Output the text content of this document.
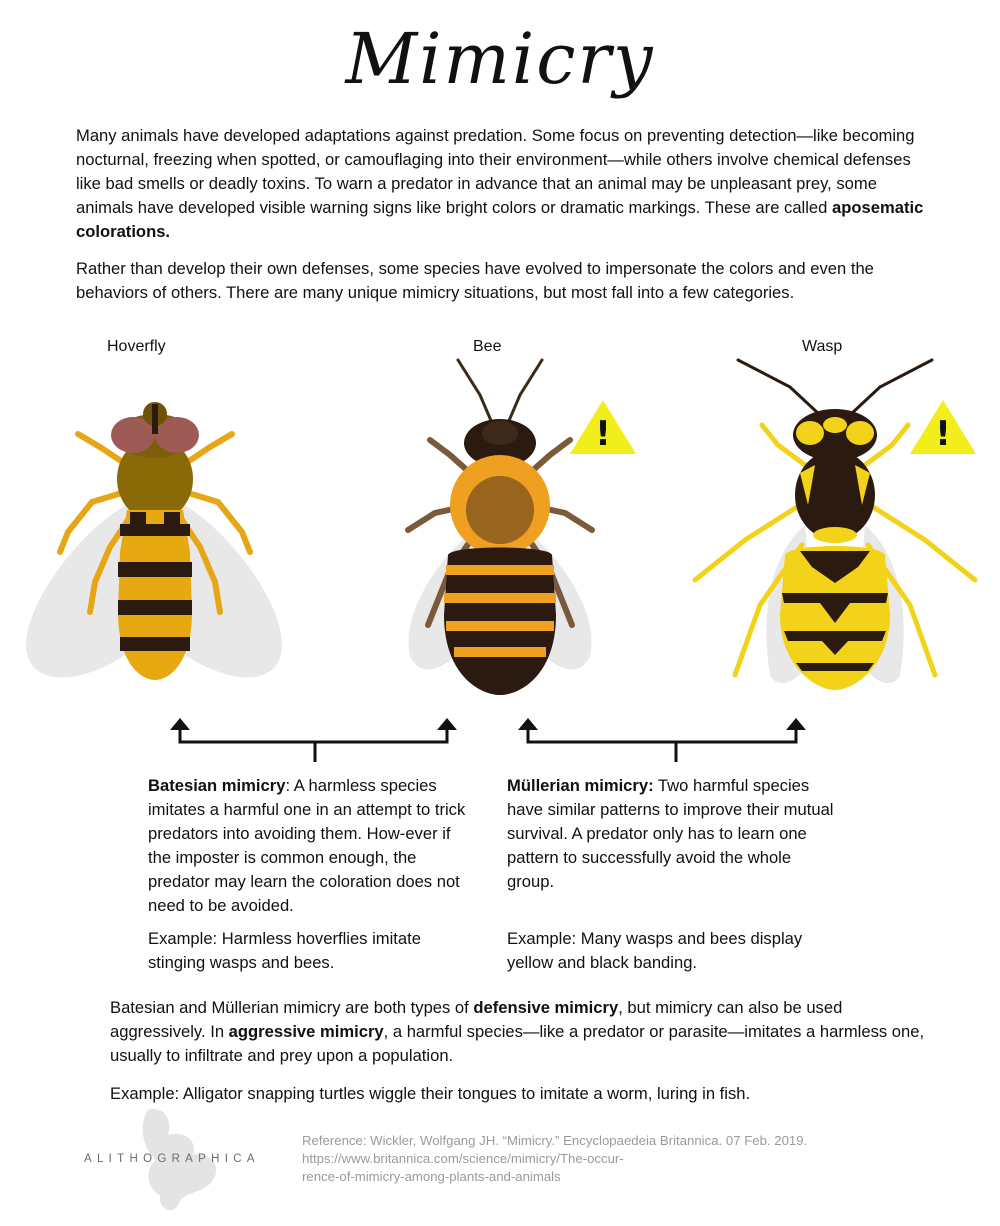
Mimicry
Many animals have developed adaptations against predation. Some focus on preventing detection—like becoming nocturnal, freezing when spotted, or camouflaging into their environment—while others involve chemical defenses like bad smells or deadly toxins. To warn a predator in advance that an animal may be unpleasant prey, some animals have developed visible warning signs like bright colors or dramatic markings. These are called aposematic colorations.
Rather than develop their own defenses, some species have evolved to impersonate the colors and even the behaviors of others. There are many unique mimicry situations, but most fall into a few categories.
Hoverfly	Bee	Wasp
!	!
Batesian mimicry: A harmless species imitates a harmful one in an attempt to trick predators into avoiding them. How-ever if the imposter is common enough, the predator may learn the coloration does not need to be avoided.
Example: Harmless hoverflies imitate stinging wasps and bees.
Müllerian mimicry: Two harmful species have similar patterns to improve their mutual survival. A predator only has to learn one pattern to successfully avoid the whole group.
Example: Many wasps and bees display yellow and black banding.
Batesian and Müllerian mimicry are both types of defensive mimicry, but mimicry can also be used aggressively. In aggressive mimicry, a harmful species—like a predator or parasite—imitates a harmless one, usually to infiltrate and prey upon a population.
Example: Alligator snapping turtles wiggle their tongues to imitate a worm, luring in fish.
ALITHOGRAPHICA
Reference: Wickler, Wolfgang JH. “Mimicry.” Encyclopaedeia Britannica. 07 Feb. 2019.
https://www.britannica.com/science/mimicry/The-occur-
rence-of-mimicry-among-plants-and-animals
